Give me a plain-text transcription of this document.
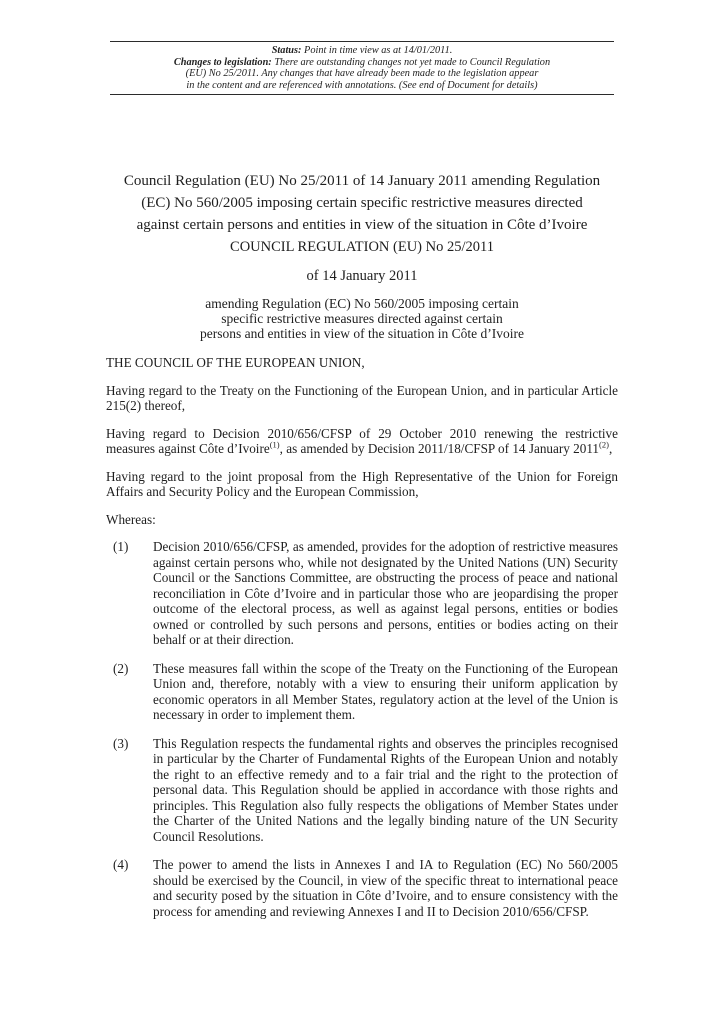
Status: Point in time view as at 14/01/2011.
Changes to legislation: There are outstanding changes not yet made to Council Regulation
(EU) No 25/2011. Any changes that have already been made to the legislation appear
in the content and are referenced with annotations. (See end of Document for details)
Council Regulation (EU) No 25/2011 of 14 January 2011 amending Regulation
(EC) No 560/2005 imposing certain specific restrictive measures directed
against certain persons and entities in view of the situation in Côte d’Ivoire
COUNCIL REGULATION (EU) No 25/2011

of 14 January 2011

amending Regulation (EC) No 560/2005 imposing certain
specific restrictive measures directed against certain
persons and entities in view of the situation in Côte d’Ivoire

THE COUNCIL OF THE EUROPEAN UNION,

Having regard to the Treaty on the Functioning of the European Union, and in particular Article 215(2) thereof,

Having regard to Decision 2010/656/CFSP of 29 October 2010 renewing the restrictive measures against Côte d’Ivoire$^{(1)}$, as amended by Decision 2011/18/CFSP of 14 January 2011$^{(2)}$,

Having regard to the joint proposal from the High Representative of the Union for Foreign Affairs and Security Policy and the European Commission,

Whereas:

(1) Decision 2010/656/CFSP, as amended, provides for the adoption of restrictive measures against certain persons who, while not designated by the United Nations (UN) Security Council or the Sanctions Committee, are obstructing the process of peace and national reconciliation in Côte d’Ivoire and in particular those who are jeopardising the proper outcome of the electoral process, as well as against legal persons, entities or bodies owned or controlled by such persons and persons, entities or bodies acting on their behalf or at their direction.
(2) These measures fall within the scope of the Treaty on the Functioning of the European Union and, therefore, notably with a view to ensuring their uniform application by economic operators in all Member States, regulatory action at the level of the Union is necessary in order to implement them.
(3) This Regulation respects the fundamental rights and observes the principles recognised in particular by the Charter of Fundamental Rights of the European Union and notably the right to an effective remedy and to a fair trial and the right to the protection of personal data. This Regulation should be applied in accordance with those rights and principles. This Regulation also fully respects the obligations of Member States under the Charter of the United Nations and the legally binding nature of the UN Security Council Resolutions.
(4) The power to amend the lists in Annexes I and IA to Regulation (EC) No 560/2005 should be exercised by the Council, in view of the specific threat to international peace and security posed by the situation in Côte d’Ivoire, and to ensure consistency with the process for amending and reviewing Annexes I and II to Decision 2010/656/CFSP.
